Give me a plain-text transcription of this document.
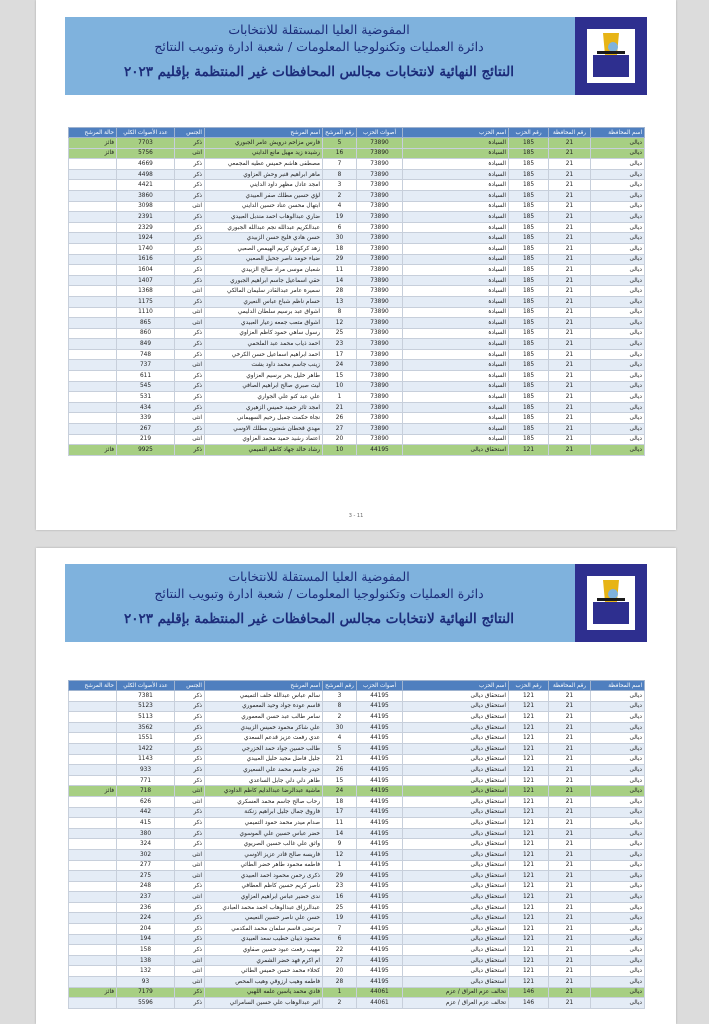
المفوضية العليا المستقلة للانتخابات
دائرة العمليات وتكنولوجيا المعلومات / شعبة ادارة وتبويب النتائج
النتائج النهائية لانتخابات مجالس المحافظات غير المنتظمة بإقليم ٢٠٢٣
اسم المحافظة	رقم المحافظة	رقم الحزب	اسم الحزب	أصوات الحزب	رقم المرشح	اسم المرشح	الجنس	عدد الأصوات الكلي	حالة المرشح
ديالى	21	185	السيادة	73890	5	فارس مزاحم درويش عامر الجبوري	ذكر	7703	فائز
ديالى	21	185	السيادة	73890	16	رشيده زيد مهيل مانع الدايني	انثى	5756	فائز
ديالى	21	185	السيادة	73890	7	مصطفى هاشم خميس عطيه المجمعي	ذكر	4669	
ديالى	21	185	السيادة	73890	8	ماهر ابراهيم قنبر وحش العزاوي	ذكر	4498	
ديالى	21	185	السيادة	73890	3	امجد عادل مظهر داود الدايني	ذكر	4421	
ديالى	21	185	السيادة	73890	2	لؤي حسين مطلك صفر العبيدي	ذكر	3860	
ديالى	21	185	السيادة	73890	4	ابتهال محسن عناد حسين الدايني	انثى	3098	
ديالى	21	185	السيادة	73890	19	ضاري عبدالوهاب احمد مندبل العبيدي	ذكر	2391	
ديالى	21	185	السيادة	73890	6	عبدالكريم عبدالله نجم عبدالله الجبوري	ذكر	2329	
ديالى	21	185	السيادة	73890	30	حسن هادي فليح حسن الزبيدي	ذكر	1924	
ديالى	21	185	السيادة	73890	18	زهد كركوش كريم الهيمص الصعبي	ذكر	1740	
ديالى	21	185	السيادة	73890	29	ضياء حومد ناصر جحيل الصعبي	ذكر	1616	
ديالى	21	185	السيادة	73890	11	شعبان موسى مراد صالح الزبيدي	ذكر	1604	
ديالى	21	185	السيادة	73890	14	حقي اسماعيل جاسم ابراهيم الجبوري	ذكر	1407	
ديالى	21	185	السيادة	73890	28	سميرة عامر عبدالقادر سليمان المالكي	انثى	1368	
ديالى	21	185	السيادة	73890	13	حسام ناظم شباع عباس النعيري	ذكر	1175	
ديالى	21	185	السيادة	73890	8	اشواق عبد برسيم سلطان الدليمي	انثى	1110	
ديالى	21	185	السيادة	73890	12	اشواق متعب جمعه زعيار العبيدي	انثى	865	
ديالى	21	185	السيادة	73890	25	رسول ساهي حمود كاظم العزاوي	ذكر	860	
ديالى	21	185	السيادة	73890	23	احمد ذياب محمد عبد الملحمي	ذكر	849	
ديالى	21	185	السيادة	73890	17	احمد ابراهيم اسماعيل حسن الكرخي	ذكر	748	
ديالى	21	185	السيادة	73890	24	زينب جاسم محمد داود بشت	انثى	737	
ديالى	21	185	السيادة	73890	15	طاهر خليل بحر برسيم العزاوي	ذكر	611	
ديالى	21	185	السيادة	73890	10	ليث صبري صالح ابراهيم الصافي	ذكر	545	
ديالى	21	185	السيادة	73890	1	علي عبد كنو علي الجواري	ذكر	531	
ديالى	21	185	السيادة	73890	21	امجد ثائر حميد خميس الزهيري	ذكر	434	
ديالى	21	185	السيادة	73890	26	نجاة حكمت جميل رحيم السهيماني	انثى	339	
ديالى	21	185	السيادة	73890	27	مهدي قحطان شعنون مطلك الاوسي	ذكر	267	
ديالى	21	185	السيادة	73890	20	اعتماد رشيد حميد محمد العزاوي	انثى	219	
ديالى	21	121	استحقاق ديالى	44195	10	رشاد خالد جهاد كاظم التميمي	ذكر	9925	فائز
3 - 11
المفوضية العليا المستقلة للانتخابات
دائرة العمليات وتكنولوجيا المعلومات / شعبة ادارة وتبويب النتائج
النتائج النهائية لانتخابات مجالس المحافظات غير المنتظمة بإقليم ٢٠٢٣
اسم المحافظة	رقم المحافظة	رقم الحزب	اسم الحزب	أصوات الحزب	رقم المرشح	اسم المرشح	الجنس	عدد الأصوات الكلي	حالة المرشح
ديالى	21	121	استحقاق ديالى	44195	3	سالم عباس عبدالله خلف التميمي	ذكر	7381	
ديالى	21	121	استحقاق ديالى	44195	8	قاسم عودة جواد وحيد المعموري	ذكر	5123	
ديالى	21	121	استحقاق ديالى	44195	2	سامر طالب عبد حسن المعموري	ذكر	5113	
ديالى	21	121	استحقاق ديالى	44195	30	علي شاكر محمود خميس الزبيدي	ذكر	3562	
ديالى	21	121	استحقاق ديالى	44195	4	عدي رفعت عزيز قدعم السعدي	ذكر	1551	
ديالى	21	121	استحقاق ديالى	44195	5	طالب حسين جواد حمد الخزرجي	ذكر	1422	
ديالى	21	121	استحقاق ديالى	44195	21	جليل فاضل مجيد خليل العبيدي	ذكر	1143	
ديالى	21	121	استحقاق ديالى	44195	26	حيدر جاسم محمد علي السعيري	ذكر	933	
ديالى	21	121	استحقاق ديالى	44195	15	طاهر دلي دلي جابل الساعدي	ذكر	771	
ديالى	21	121	استحقاق ديالى	44195	24	ماشية عبدالرضا عبدالدايم كاظم الداودي	انثى	718	فائز
ديالى	21	121	استحقاق ديالى	44195	18	رحاب صالح جاسم محمد العسكري	انثى	626	
ديالى	21	121	استحقاق ديالى	44195	17	فاروق جمال جليل ابراهيم زنكنة	ذكر	442	
ديالى	21	121	استحقاق ديالى	44195	11	صدام ميدر محمد حمود التميمي	ذكر	415	
ديالى	21	121	استحقاق ديالى	44195	14	خضر عباس حسين علي الموسوي	ذكر	380	
ديالى	21	121	استحقاق ديالى	44195	9	واثق علي غالب حسين الصريوي	ذكر	324	
ديالى	21	121	استحقاق ديالى	44195	12	فاريسه صالح قادر عزيز الاوسي	انثى	302	
ديالى	21	121	استحقاق ديالى	44195	1	فاطمه محمود طاهر خضر الطائي	انثى	277	
ديالى	21	121	استحقاق ديالى	44195	29	ذكرى رحمن محمود احمد العبيدي	انثى	275	
ديالى	21	121	استحقاق ديالى	44195	23	ناصر كريم حسين كاظم العطافي	ذكر	248	
ديالى	21	121	استحقاق ديالى	44195	16	ندى خضير عباس ابراهيم العزاوي	انثى	237	
ديالى	21	121	استحقاق ديالى	44195	25	عبدالرزاق عبدالوهاب احمد محمد العبادي	ذكر	236	
ديالى	21	121	استحقاق ديالى	44195	19	حسن علي ناصر حسين النعيمي	ذكر	224	
ديالى	21	121	استحقاق ديالى	44195	7	مرتضى قاسم سلمان محمد المكدمي	ذكر	204	
ديالى	21	121	استحقاق ديالى	44195	6	محمود ذيبان خطيب سعد العبيدي	ذكر	194	
ديالى	21	121	استحقاق ديالى	44195	22	مهيب رفعت عبود حسين صفاوي	ذكر	158	
ديالى	21	121	استحقاق ديالى	44195	27	ام اكرم فهد خضر الشمري	انثى	138	
ديالى	21	121	استحقاق ديالى	44195	20	كحلاء محمد حسن خميس الطائي	انثى	132	
ديالى	21	121	استحقاق ديالى	44195	28	فاطمه وهيب ارزوقي وهيب المحص	انثى	93	
ديالى	21	146	تحالف عزم العراق / عزم	44061	1	فادي محمد ياسين علمه اللهبي	ذكر	7179	فائز
ديالى	21	146	تحالف عزم العراق / عزم	44061	2	اثير عبدالوهاب علي حسين السامرائي	ذكر	5596	
